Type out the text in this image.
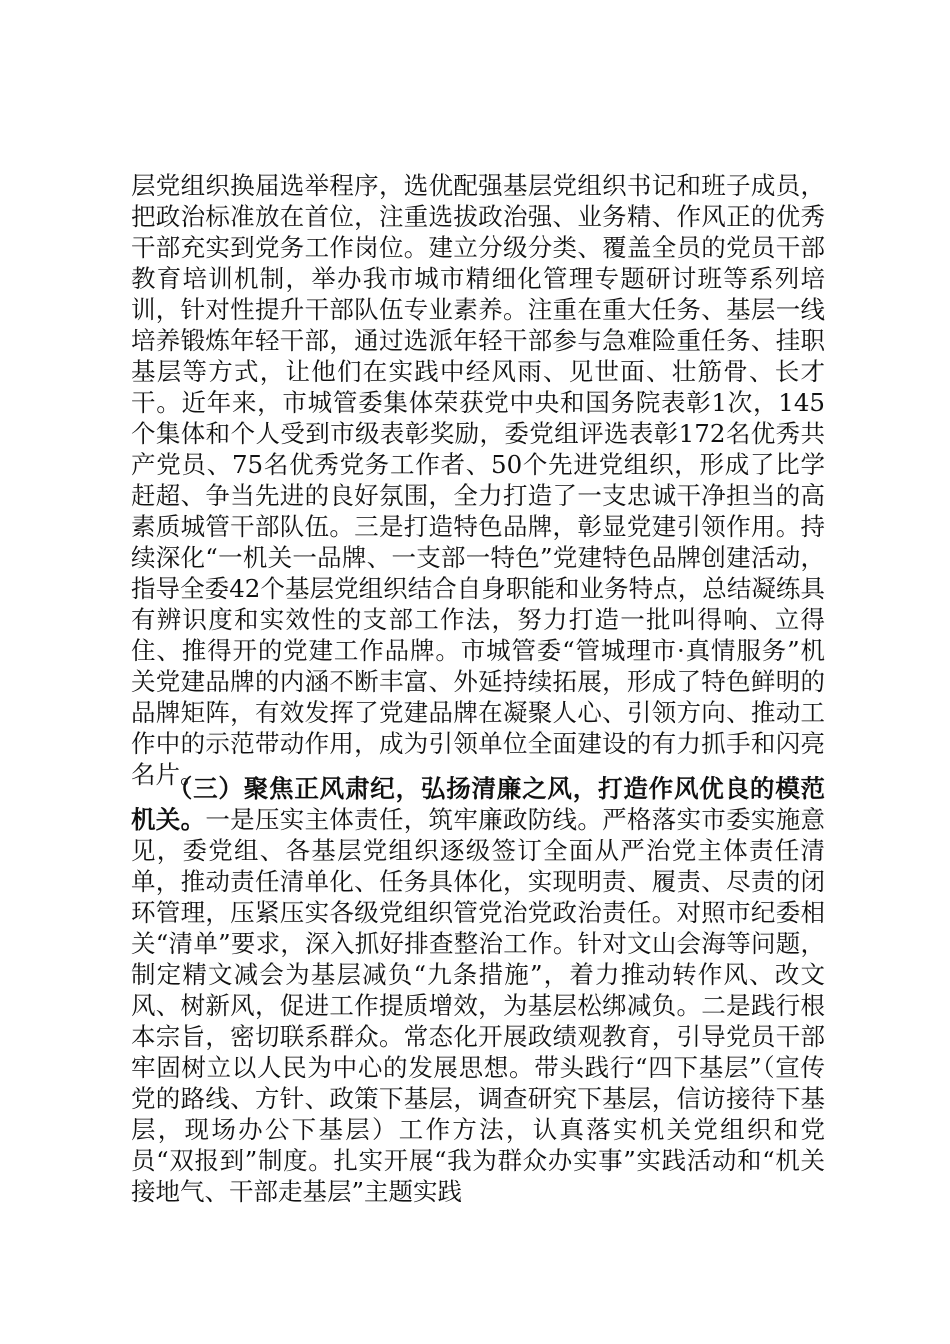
层党组织换届选举程序，选优配强基层党组织书记和班子成员，把政治标准放在首位，注重选拔政治强、业务精、作风正的优秀干部充实到党务工作岗位。建立分级分类、覆盖全员的党员干部教育培训机制，举办我市城市精细化管理专题研讨班等系列培训，针对性提升干部队伍专业素养。注重在重大任务、基层一线培养锻炼年轻干部，通过选派年轻干部参与急难险重任务、挂职基层等方式，让他们在实践中经风雨、见世面、壮筋骨、长才干。近年来，市城管委集体荣获党中央和国务院表彰1次，145个集体和个人受到市级表彰奖励，委党组评选表彰172名优秀共产党员、75名优秀党务工作者、50个先进党组织，形成了比学赶超、争当先进的良好氛围，全力打造了一支忠诚干净担当的高素质城管干部队伍。三是打造特色品牌，彰显党建引领作用。持续深化“一机关一品牌、一支部一特色”党建特色品牌创建活动，指导全委42个基层党组织结合自身职能和业务特点，总结凝练具有辨识度和实效性的支部工作法，努力打造一批叫得响、立得住、推得开的党建工作品牌。市城管委“管城理市·真情服务”机关党建品牌的内涵不断丰富、外延持续拓展，形成了特色鲜明的品牌矩阵，有效发挥了党建品牌在凝聚人心、引领方向、推动工作中的示范带动作用，成为引领单位全面建设的有力抓手和闪亮名片。

（三）聚焦正风肃纪，弘扬清廉之风，打造作风优良的模范机关。一是压实主体责任，筑牢廉政防线。严格落实市委实施意见，委党组、各基层党组织逐级签订全面从严治党主体责任清单，推动责任清单化、任务具体化，实现明责、履责、尽责的闭环管理，压紧压实各级党组织管党治党政治责任。对照市纪委相关“清单”要求，深入抓好排查整治工作。针对文山会海等问题，制定精文减会为基层减负“九条措施”，着力推动转作风、改文风、树新风，促进工作提质增效，为基层松绑减负。二是践行根本宗旨，密切联系群众。常态化开展政绩观教育，引导党员干部牢固树立以人民为中心的发展思想。带头践行“四下基层”（宣传党的路线、方针、政策下基层，调查研究下基层，信访接待下基层，现场办公下基层）工作方法，认真落实机关党组织和党员“双报到”制度。扎实开展“我为群众办实事”实践活动和“机关接地气、干部走基层”主题实践
